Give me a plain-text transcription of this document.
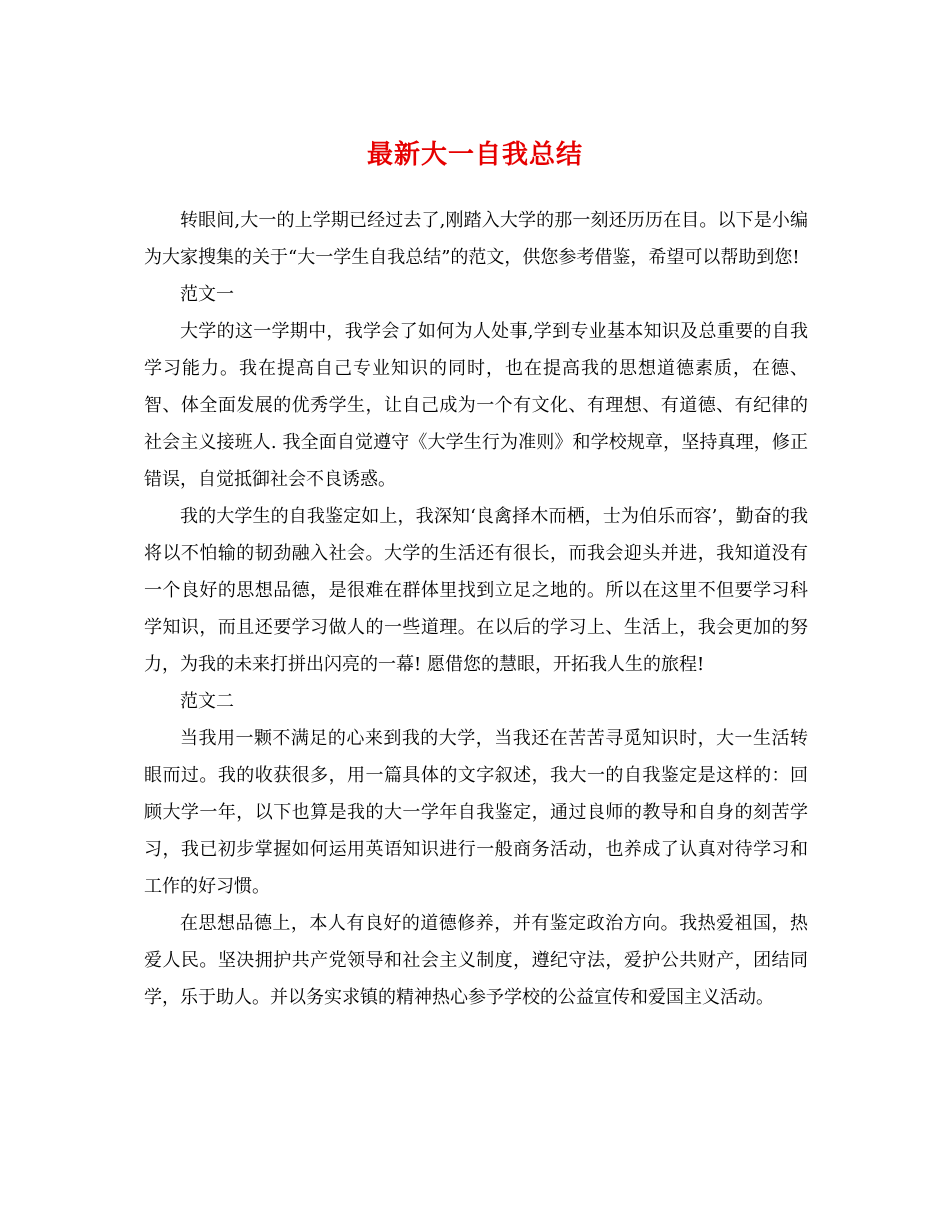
最新大一自我总结

转眼间,大一的上学期已经过去了,刚踏入大学的那一刻还历历在目。以下是小编为大家搜集的关于“大一学生自我总结”的范文，供您参考借鉴，希望可以帮助到您!

范文一

大学的这一学期中，我学会了如何为人处事,学到专业基本知识及总重要的自我学习能力。我在提高自己专业知识的同时，也在提高我的思想道德素质，在德、智、体全面发展的优秀学生，让自己成为一个有文化、有理想、有道德、有纪律的社会主义接班人. 我全面自觉遵守《大学生行为准则》和学校规章，坚持真理，修正错误，自觉抵御社会不良诱惑。

我的大学生的自我鉴定如上，我深知‘良禽择木而栖，士为伯乐而容’，勤奋的我将以不怕输的韧劲融入社会。大学的生活还有很长，而我会迎头并进，我知道没有一个良好的思想品德，是很难在群体里找到立足之地的。所以在这里不但要学习科学知识，而且还要学习做人的一些道理。在以后的学习上、生活上，我会更加的努力，为我的未来打拼出闪亮的一幕! 愿借您的慧眼，开拓我人生的旅程!

范文二

当我用一颗不满足的心来到我的大学，当我还在苦苦寻觅知识时，大一生活转眼而过。我的收获很多，用一篇具体的文字叙述，我大一的自我鉴定是这样的：回顾大学一年，以下也算是我的大一学年自我鉴定，通过良师的教导和自身的刻苦学习，我已初步掌握如何运用英语知识进行一般商务活动，也养成了认真对待学习和工作的好习惯。

在思想品德上，本人有良好的道德修养，并有鉴定政治方向。我热爱祖国，热爱人民。坚决拥护共产党领导和社会主义制度，遵纪守法，爱护公共财产，团结同学，乐于助人。并以务实求镇的精神热心参予学校的公益宣传和爱国主义活动。
